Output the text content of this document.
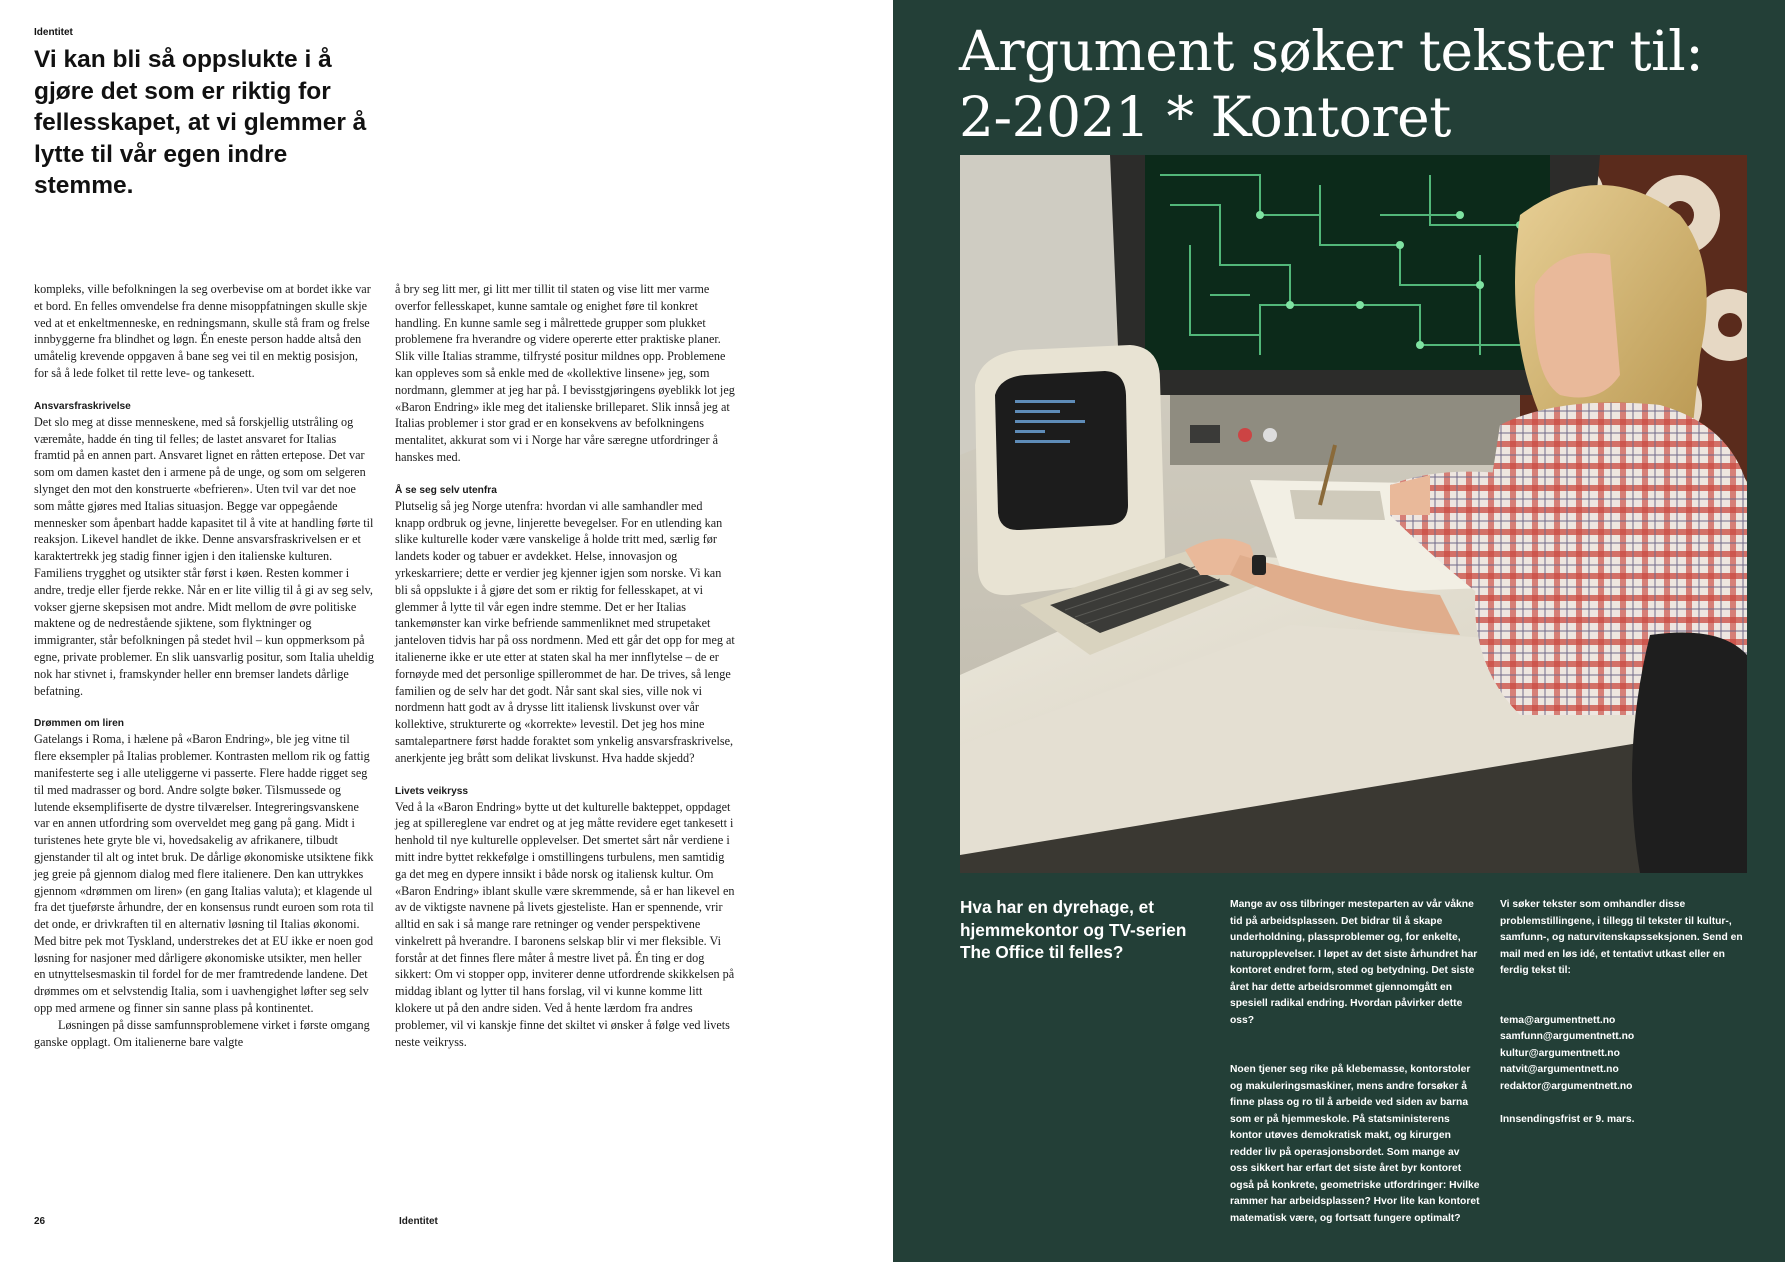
Identitet
Vi kan bli så oppslukte i å gjøre det som er riktig for fellesskapet, at vi glemmer å lytte til vår egen indre stemme.

kompleks, ville befolkningen la seg overbevise om at bordet ikke var et bord. En felles omvendelse fra denne misoppfatningen skulle skje ved at et enkeltmenneske, en redningsmann, skulle stå fram og frelse innbyggerne fra blindhet og løgn. Én eneste person hadde altså den umåtelig krevende oppgaven å bane seg vei til en mektig posisjon, for så å lede folket til rette leve- og tankesett.

Ansvarsfraskrivelse

Det slo meg at disse menneskene, med så forskjellig utstråling og væremåte, hadde én ting til felles; de lastet ansvaret for Italias framtid på en annen part. Ansvaret lignet en råtten ertepose. Det var som om damen kastet den i armene på de unge, og som om selgeren slynget den mot den konstruerte «befrieren». Uten tvil var det noe som måtte gjøres med Italias situasjon. Begge var oppegående mennesker som åpenbart hadde kapasitet til å vite at handling førte til reaksjon. Likevel handlet de ikke. Denne ansvarsfraskrivelsen er et karaktertrekk jeg stadig finner igjen i den italienske kulturen. Familiens trygghet og utsikter står først i køen. Resten kommer i andre, tredje eller fjerde rekke. Når en er lite villig til å gi av seg selv, vokser gjerne skepsisen mot andre. Midt mellom de øvre politiske maktene og de nedrestående sjiktene, som flyktninger og immigranter, står befolkningen på stedet hvil – kun oppmerksom på egne, private problemer. En slik uansvarlig positur, som Italia uheldig nok har stivnet i, framskynder heller enn bremser landets dårlige befatning.

Drømmen om liren

Gatelangs i Roma, i hælene på «Baron Endring», ble jeg vitne til flere eksempler på Italias problemer. Kontrasten mellom rik og fattig manifesterte seg i alle uteliggerne vi passerte. Flere hadde rigget seg til med madrasser og bord. Andre solgte bøker. Tilsmussede og lutende eksemplifiserte de dystre tilværelser. Integreringsvanskene var en annen utfordring som overveldet meg gang på gang. Midt i turistenes hete gryte ble vi, hovedsakelig av afrikanere, tilbudt gjenstander til alt og intet bruk. De dårlige økonomiske utsiktene fikk jeg greie på gjennom dialog med flere italienere. Den kan uttrykkes gjennom «drømmen om liren» (en gang Italias valuta); et klagende ul fra det tjueførste århundre, der en konsensus rundt euroen som rota til det onde, er drivkraften til en alternativ løsning til Italias økonomi. Med bitre pek mot Tyskland, understrekes det at EU ikke er noen god løsning for nasjoner med dårligere økonomiske utsikter, men heller en utnyttelsesmaskin til fordel for de mer framtredende landene. Det drømmes om et selvstendig Italia, som i uavhengighet løfter seg selv opp med armene og finner sin sanne plass på kontinentet.

Løsningen på disse samfunnsproblemene virket i første omgang ganske opplagt. Om italienerne bare valgte

å bry seg litt mer, gi litt mer tillit til staten og vise litt mer varme overfor fellesskapet, kunne samtale og enighet føre til konkret handling. En kunne samle seg i målrettede grupper som plukket problemene fra hverandre og videre opererte etter praktiske planer. Slik ville Italias stramme, tilfrysté positur mildnes opp. Problemene kan oppleves som så enkle med de «kollektive linsene» jeg, som nordmann, glemmer at jeg har på. I bevisstgjøringens øyeblikk lot jeg «Baron Endring» ikle meg det italienske brilleparet. Slik innså jeg at Italias problemer i stor grad er en konsekvens av befolkningens mentalitet, akkurat som vi i Norge har våre særegne utfordringer å hanskes med.

Å se seg selv utenfra

Plutselig så jeg Norge utenfra: hvordan vi alle samhandler med knapp ordbruk og jevne, linjerette bevegelser. For en utlending kan slike kulturelle koder være vanskelige å holde tritt med, særlig før landets koder og tabuer er avdekket. Helse, innovasjon og yrkeskarriere; dette er verdier jeg kjenner igjen som norske. Vi kan bli så oppslukte i å gjøre det som er riktig for fellesskapet, at vi glemmer å lytte til vår egen indre stemme. Det er her Italias tankemønster kan virke befriende sammenliknet med strupetaket janteloven tidvis har på oss nordmenn. Med ett går det opp for meg at italienerne ikke er ute etter at staten skal ha mer innflytelse – de er fornøyde med det personlige spillerommet de har. De trives, så lenge familien og de selv har det godt. Når sant skal sies, ville nok vi nordmenn hatt godt av å drysse litt italiensk livskunst over vår kollektive, strukturerte og «korrekte» levestil. Det jeg hos mine samtalepartnere først hadde foraktet som ynkelig ansvarsfraskrivelse, anerkjente jeg brått som delikat livskunst. Hva hadde skjedd?

Livets veikryss

Ved å la «Baron Endring» bytte ut det kulturelle bakteppet, oppdaget jeg at spillereglene var endret og at jeg måtte revidere eget tankesett i henhold til nye kulturelle opplevelser. Det smertet sårt når verdiene i mitt indre byttet rekkefølge i omstillingens turbulens, men samtidig ga det meg en dypere innsikt i både norsk og italiensk kultur. Om «Baron Endring» iblant skulle være skremmende, så er han likevel en av de viktigste navnene på livets gjesteliste. Han er spennende, vrir alltid en sak i så mange rare retninger og vender perspektivene vinkelrett på hverandre. I baronens selskap blir vi mer fleksible. Vi forstår at det finnes flere måter å mestre livet på. Én ting er dog sikkert: Om vi stopper opp, inviterer denne utfordrende skikkelsen på middag iblant og lytter til hans forslag, vil vi kunne komme litt klokere ut på den andre siden. Ved å hente lærdom fra andres problemer, vil vi kanskje finne det skiltet vi ønsker å følge ved livets neste veikryss.

26	Identitet
Argument søker tekster til:
2-2021 * Kontoret
Hva har en dyrehage, et hjemmekontor og TV-serien The Office til felles?

Mange av oss tilbringer mesteparten av vår våkne tid på arbeidsplassen. Det bidrar til å skape underholdning, plassproblemer og, for enkelte, naturopplevelser. I løpet av det siste århundret har kontoret endret form, sted og betydning. Det siste året har dette arbeidsrommet gjennomgått en spesiell radikal endring. Hvordan påvirker dette oss?

Noen tjener seg rike på klebemasse, kontorstoler og makuleringsmaskiner, mens andre forsøker å finne plass og ro til å arbeide ved siden av barna som er på hjemmeskole. På statsministerens kontor utøves demokratisk makt, og kirurgen redder liv på operasjonsbordet. Som mange av oss sikkert har erfart det siste året byr kontoret også på konkrete, geometriske utfordringer: Hvilke rammer har arbeidsplassen? Hvor lite kan kontoret matematisk være, og fortsatt fungere optimalt?

Vi søker tekster som omhandler disse problemstillingene, i tillegg til tekster til kultur-, samfunn-, og naturvitenskapsseksjonen. Send en mail med en løs idé, et tentativt utkast eller en ferdig tekst til:

tema@argumentnett.no
samfunn@argumentnett.no
kultur@argumentnett.no
natvit@argumentnett.no
redaktor@argumentnett.no

Innsendingsfrist er 9. mars.
